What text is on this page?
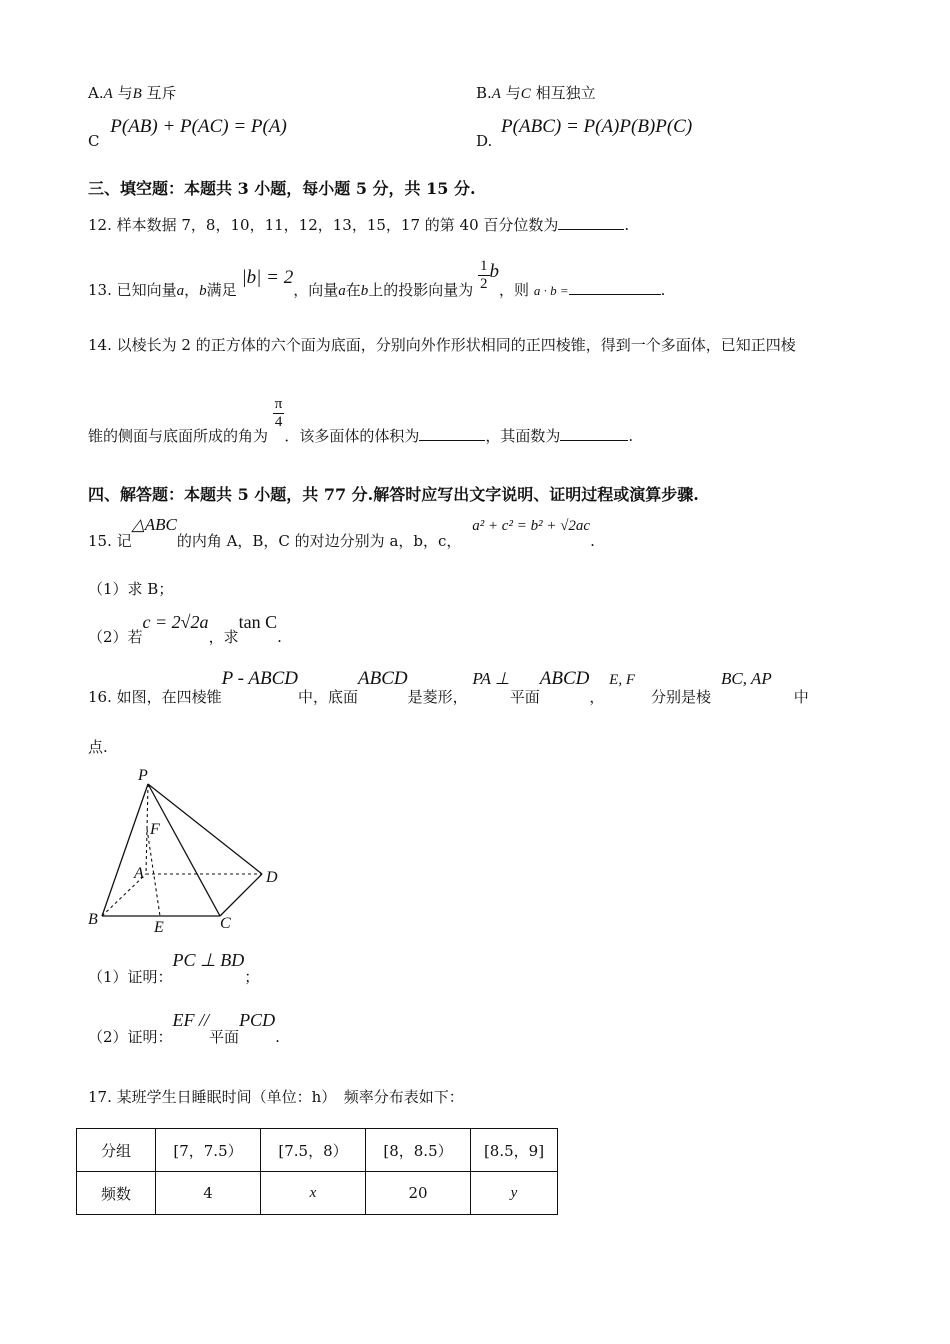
A.A 与B 互斥	B.A 与C 相互独立
C P(AB) + P(AC) = P(A)
D. P(ABC) = P(A)P(B)P(C)
三、填空题：本题共 3 小题，每小题 5 分，共 15 分.
12. 样本数据 7，8，10，11，12，13，15，17 的第 40 百分位数为	.
13. 已知向量a，b满足 |b| = 2，向量a在b上的投影向量为 $\frac{1}{2}$ b，则 a · b =	.
14. 以棱长为 2 的正方体的六个面为底面，分别向外作形状相同的正四棱锥，得到一个多面体，已知正四棱
锥的侧面与底面所成的角为
$\frac{\pi}{4}$
．该多面体的体积为	，其面数为	.
四、解答题：本题共 5 小题，共 77 分.解答时应写出文字说明、证明过程或演算步骤.
15. 记△ABC的内角 A，B，C 的对边分别为 a，b，c， a² + c² = b² + √2ac.
（1）求 B；
（2）若c = 2√2a，求tan C.
16. 如图，在四棱锥P - ABCD中，底面ABCD是菱形， PA ⊥平面ABCD， E, F分别是棱BC, AP中
点.
P
F
A	D
B	E	C
（1）证明：PC ⊥ BD；
（2）证明：EF //平面PCD.
17. 某班学生日睡眠时间（单位：h）　频率分布表如下：
分组	[7，7.5）	[7.5，8）	[8，8.5）	[8.5，9]
频数	4	x	20	y
